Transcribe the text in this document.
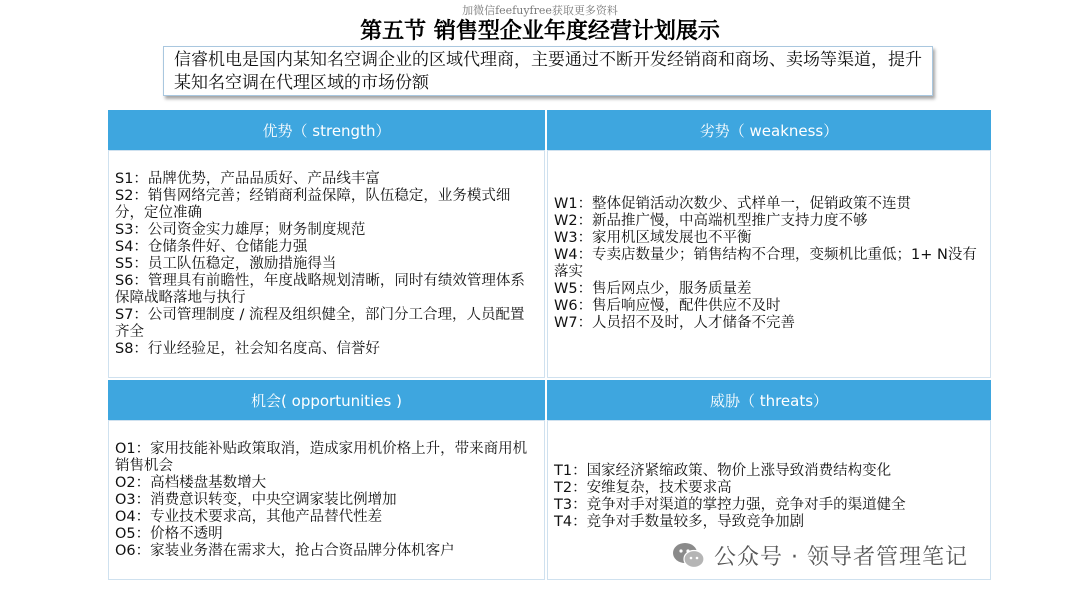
加微信feefuyfree获取更多资料
第五节 销售型企业年度经营计划展示
信睿机电是国内某知名空调企业的区域代理商，主要通过不断开发经销商和商场、卖场等渠道，提升某知名空调在代理区域的市场份额
优势（ strength）	劣势（ weakness）
S1：品牌优势，产品品质好、产品线丰富
S2：销售网络完善；经销商利益保障，队伍稳定，业务模式细分，定位准确
S3：公司资金实力雄厚；财务制度规范
S4：仓储条件好、仓储能力强
S5：员工队伍稳定，激励措施得当
S6：管理具有前瞻性，年度战略规划清晰，同时有绩效管理体系保障战略落地与执行
S7：公司管理制度 / 流程及组织健全，部门分工合理，人员配置齐全
S8：行业经验足，社会知名度高、信誉好
W1：整体促销活动次数少、式样单一，促销政策不连贯
W2：新品推广慢，中高端机型推广支持力度不够
W3：家用机区域发展也不平衡
W4：专卖店数量少；销售结构不合理，变频机比重低；1+ N没有落实
W5：售后网点少，服务质量差
W6：售后响应慢，配件供应不及时
W7：人员招不及时，人才储备不完善
机会( opportunities )	威胁（ threats）
O1：家用技能补贴政策取消，造成家用机价格上升，带来商用机销售机会
O2：高档楼盘基数增大
O3：消费意识转变，中央空调家装比例增加
O4：专业技术要求高，其他产品替代性差
O5：价格不透明
O6：家装业务潜在需求大，抢占合资品牌分体机客户
T1：国家经济紧缩政策、物价上涨导致消费结构变化
T2：安维复杂，技术要求高
T3：竞争对手对渠道的掌控力强，竞争对手的渠道健全
T4：竞争对手数量较多，导致竞争加剧
公众号 · 领导者管理笔记
